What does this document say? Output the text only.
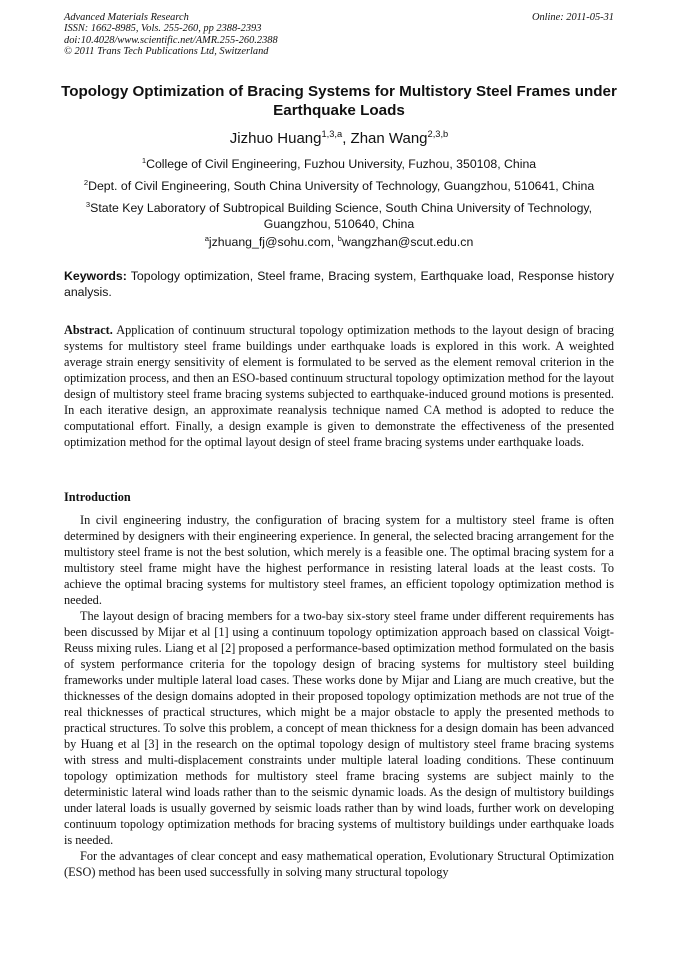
Advanced Materials Research
ISSN: 1662-8985, Vols. 255-260, pp 2388-2393
doi:10.4028/www.scientific.net/AMR.255-260.2388
© 2011 Trans Tech Publications Ltd, Switzerland
Online: 2011-05-31
Topology Optimization of Bracing Systems for Multistory Steel Frames under Earthquake Loads
Jizhuo Huang$^{1,3,a}$, Zhan Wang$^{2,3,b}$
$^1$College of Civil Engineering, Fuzhou University, Fuzhou, 350108, China
$^2$Dept. of Civil Engineering, South China University of Technology, Guangzhou, 510641, China
$^3$State Key Laboratory of Subtropical Building Science, South China University of Technology, Guangzhou, 510640, China
$^a$jzhuang_fj@sohu.com, $^b$wangzhan@scut.edu.cn
Keywords: Topology optimization, Steel frame, Bracing system, Earthquake load, Response history analysis.
Abstract. Application of continuum structural topology optimization methods to the layout design of bracing systems for multistory steel frame buildings under earthquake loads is explored in this work. A weighted average strain energy sensitivity of element is formulated to be served as the element removal criterion in the optimization process, and then an ESO-based continuum structural topology optimization method for the layout design of multistory steel frame bracing systems subjected to earthquake-induced ground motions is presented. In each iterative design, an approximate reanalysis technique named CA method is adopted to reduce the computational effort. Finally, a design example is given to demonstrate the effectiveness of the presented optimization method for the optimal layout design of steel frame bracing systems under earthquake loads.
Introduction

In civil engineering industry, the configuration of bracing system for a multistory steel frame is often determined by designers with their engineering experience. In general, the selected bracing arrangement for the multistory steel frame is not the best solution, which merely is a feasible one. The optimal bracing system for a multistory steel frame might have the highest performance in resisting lateral loads at the least costs. To achieve the optimal bracing systems for multistory steel frames, an efficient topology optimization method is needed.

The layout design of bracing members for a two-bay six-story steel frame under different requirements has been discussed by Mijar et al [1] using a continuum topology optimization approach based on classical Voigt-Reuss mixing rules. Liang et al [2] proposed a performance-based optimization method formulated on the basis of system performance criteria for the topology design of bracing systems for multistory steel building frameworks under multiple lateral load cases. These works done by Mijar and Liang are much creative, but the thicknesses of the design domains adopted in their proposed topology optimization methods are not true of the real thicknesses of practical structures, which might be a major obstacle to apply the presented methods to practical structures. To solve this problem, a concept of mean thickness for a design domain has been advanced by Huang et al [3] in the research on the optimal topology design of multistory steel frame bracing systems with stress and multi-displacement constraints under multiple lateral loading conditions. These continuum topology optimization methods for multistory steel frame bracing systems are subject mainly to the deterministic lateral wind loads rather than to the seismic dynamic loads. As the design of multistory buildings under lateral loads is usually governed by seismic loads rather than by wind loads, further work on developing continuum topology optimization methods for bracing systems of multistory buildings under earthquake loads is needed.

For the advantages of clear concept and easy mathematical operation, Evolutionary Structural Optimization (ESO) method has been used successfully in solving many structural topology
